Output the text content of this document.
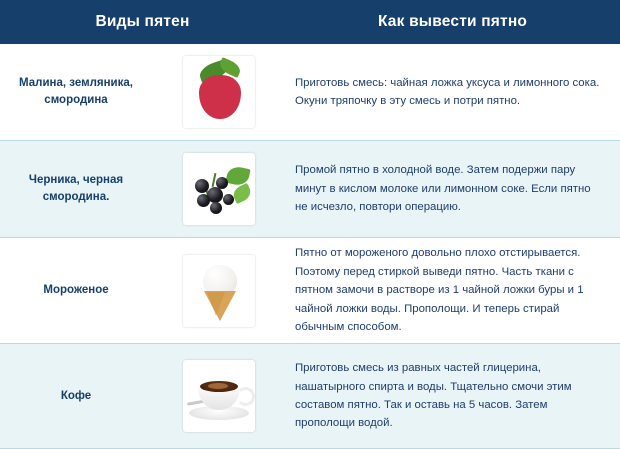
Виды пятен	Как вывести пятно
Малина, земляника, смородина

Приготовь смесь: чайная ложка уксуса и лимонного сока. Окуни тряпочку в эту смесь и потри пятно.

Черника, черная смородина.

Промой пятно в холодной воде. Затем подержи пару минут в кислом молоке или лимонном соке. Если пятно не исчезло, повтори операцию.

Мороженое

Пятно от мороженого довольно плохо отстирывается. Поэтому перед стиркой выведи пятно. Часть ткани с пятном замочи в растворе из 1 чайной ложки буры и 1 чайной ложки воды. Прополощи. И теперь стирай обычным способом.

Кофе

Приготовь смесь из равных частей глицерина, нашатырного спирта и воды. Тщательно смочи этим составом пятно. Так и оставь на 5 часов. Затем прополощи водой.
